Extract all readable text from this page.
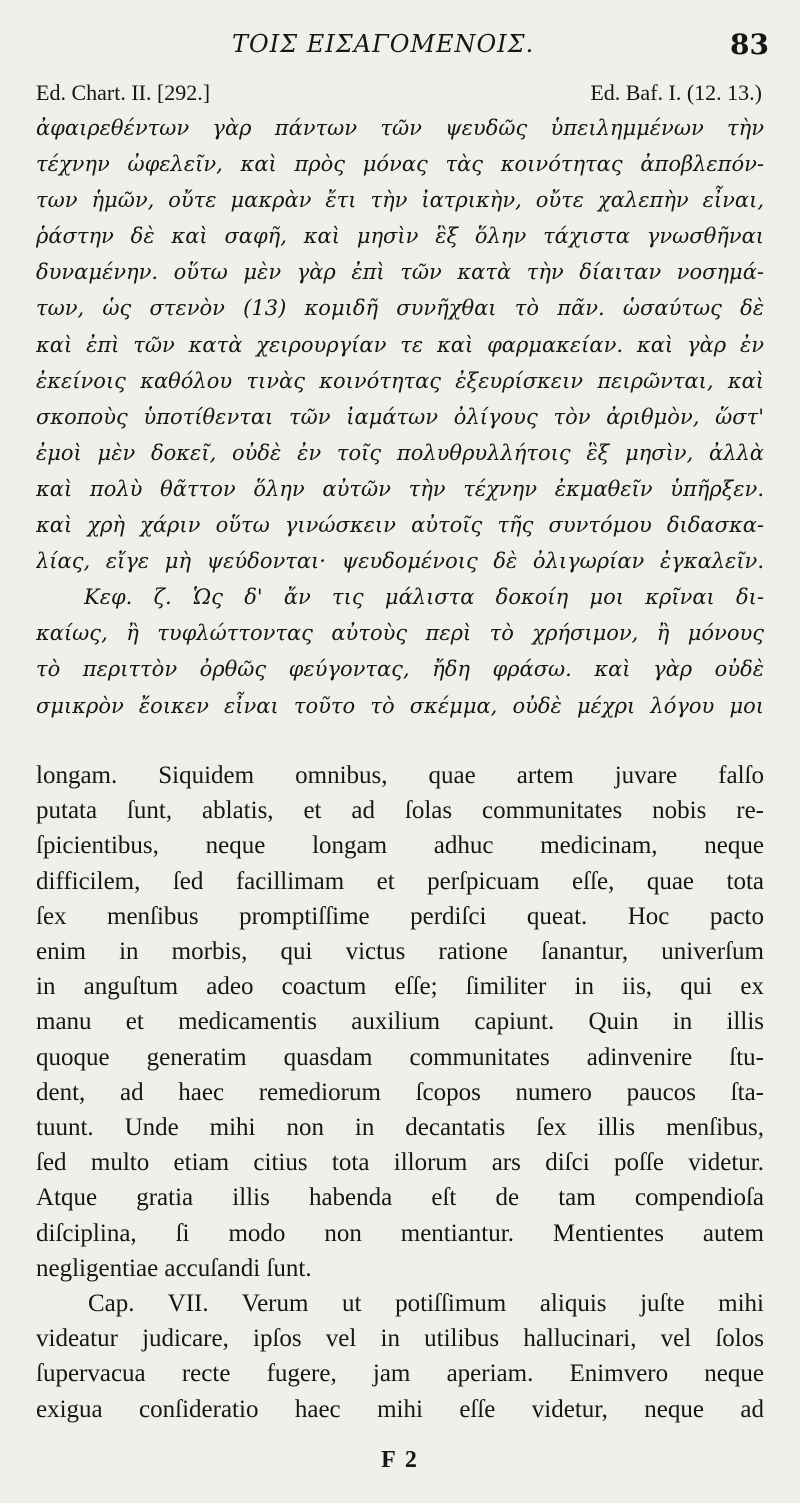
ΤΟΙΣ ΕΙΣΑΓΟΜΕΝΟΙΣ.	83
Ed. Chart. II. [292.]	Ed. Baf. I. (12. 13.)
ἀφαιρεθέντων γὰρ πάντων τῶν ψευδῶς ὑπειλημμένων τὴν
τέχνην ὠφελεῖν, καὶ πρὸς μόνας τὰς κοινότητας ἀποβλεπόν-
των ἡμῶν, οὔτε μακρὰν ἔτι τὴν ἰατρικὴν, οὔτε χαλεπὴν εἶναι,
ῥάστην δὲ καὶ σαφῆ, καὶ μησὶν ἓξ ὅλην τάχιστα γνωσθῆναι
δυναμένην. οὕτω μὲν γὰρ ἐπὶ τῶν κατὰ τὴν δίαιταν νοσημά-
των, ὡς στενὸν (13) κομιδῆ συνῆχθαι τὸ πᾶν. ὡσαύτως δὲ
καὶ ἐπὶ τῶν κατὰ χειρουργίαν τε καὶ φαρμακείαν. καὶ γὰρ ἐν
ἐκείνοις καθόλου τινὰς κοινότητας ἐξευρίσκειν πειρῶνται, καὶ
σκοποὺς ὑποτίθενται τῶν ἰαμάτων ὀλίγους τὸν ἀριθμὸν, ὥστ'
ἐμοὶ μὲν δοκεῖ, οὐδὲ ἐν τοῖς πολυθρυλλήτοις ἓξ μησὶν, ἀλλὰ
καὶ πολὺ θᾶττον ὅλην αὐτῶν τὴν τέχνην ἐκμαθεῖν ὑπῆρξεν.
καὶ χρὴ χάριν οὕτω γινώσκειν αὐτοῖς τῆς συντόμου διδασκα-
λίας, εἴγε μὴ ψεύδονται· ψευδομένοις δὲ ὀλιγωρίαν ἐγκαλεῖν.
Κεφ. ζ. Ὡς δ' ἄν τις μάλιστα δοκοίη μοι κρῖναι δι-
καίως, ἢ τυφλώττοντας αὐτοὺς περὶ τὸ χρήσιμον, ἢ μόνους
τὸ περιττὸν ὀρθῶς φεύγοντας, ἤδη φράσω. καὶ γὰρ οὐδὲ
σμικρὸν ἔοικεν εἶναι τοῦτο τὸ σκέμμα, οὐδὲ μέχρι λόγου μοι
longam. Siquidem omnibus, quae artem juvare falſo
putata ſunt, ablatis, et ad ſolas communitates nobis re-
ſpicientibus, neque longam adhuc medicinam, neque
difficilem, ſed facillimam et perſpicuam eſſe, quae tota
ſex menſibus promptiſſime perdiſci queat. Hoc pacto
enim in morbis, qui victus ratione ſanantur, univerſum
in anguſtum adeo coactum eſſe; ſimiliter in iis, qui ex
manu et medicamentis auxilium capiunt. Quin in illis
quoque generatim quasdam communitates adinvenire ſtu-
dent, ad haec remediorum ſcopos numero paucos ſta-
tuunt. Unde mihi non in decantatis ſex illis menſibus,
ſed multo etiam citius tota illorum ars diſci poſſe videtur.
Atque gratia illis habenda eſt de tam compendioſa
diſciplina, ſi modo non mentiantur. Mentientes autem
negligentiae accuſandi ſunt.
Cap. VII. Verum ut potiſſimum aliquis juſte mihi
videatur judicare, ipſos vel in utilibus hallucinari, vel ſolos
ſupervacua recte fugere, jam aperiam. Enimvero neque
exigua conſideratio haec mihi eſſe videtur, neque ad
F 2
